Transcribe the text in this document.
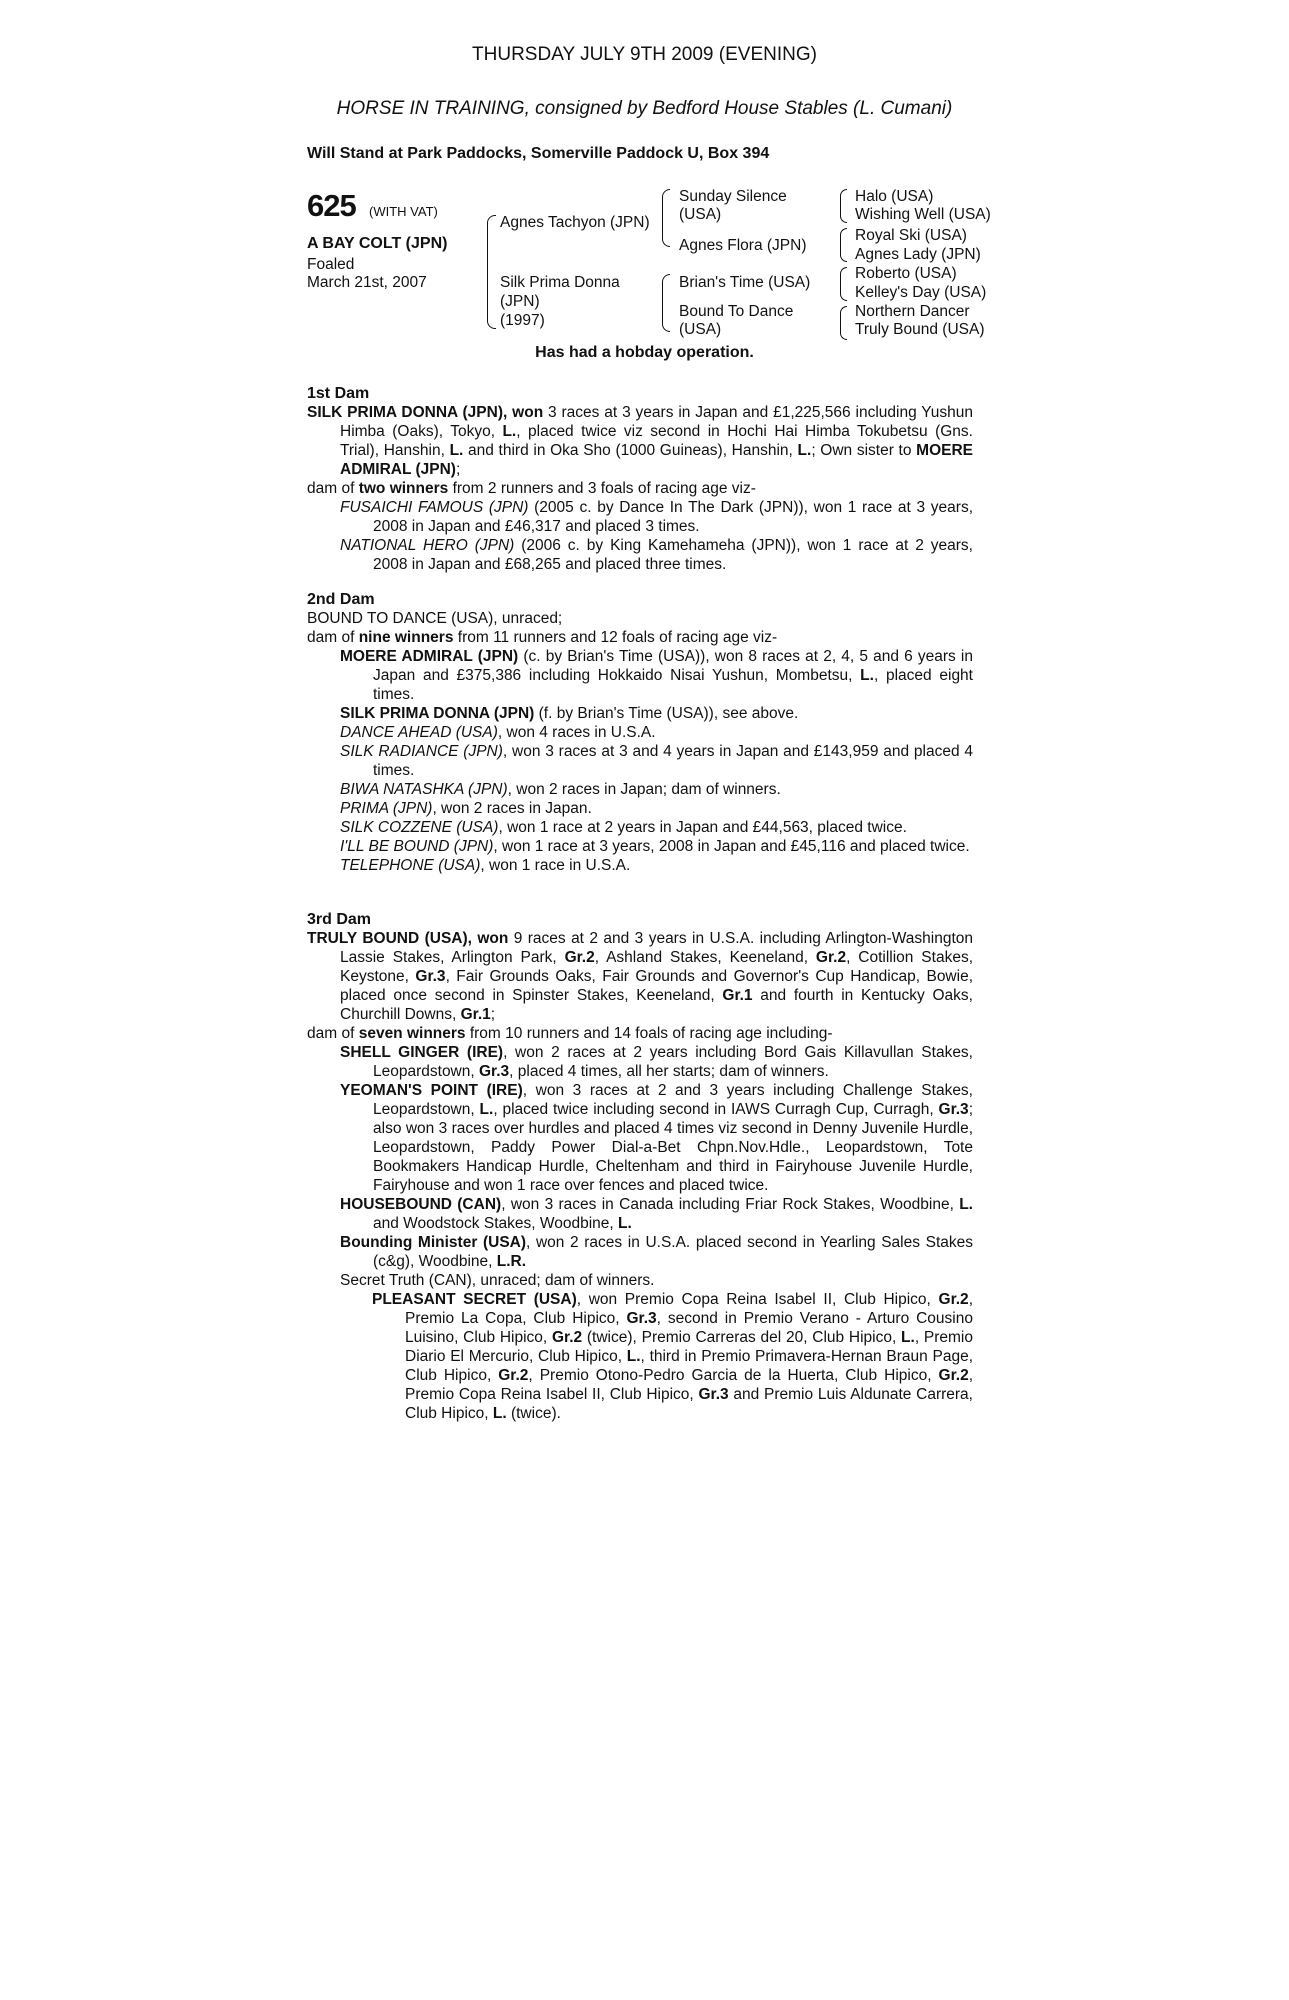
THURSDAY JULY 9TH 2009 (EVENING)
HORSE IN TRAINING, consigned by Bedford House Stables (L. Cumani)
Will Stand at Park Paddocks, Somerville Paddock U, Box 394
625 (WITH VAT)
A BAY COLT (JPN)
Foaled
March 21st, 2007
Agnes Tachyon (JPN)
Silk Prima Donna
(JPN)
(1997)
Sunday Silence
(USA)
Agnes Flora (JPN)
Brian's Time (USA)
Bound To Dance
(USA)
Halo (USA)
Wishing Well (USA)
Royal Ski (USA)
Agnes Lady (JPN)
Roberto (USA)
Kelley's Day (USA)
Northern Dancer
Truly Bound (USA)
Has had a hobday operation.

1st Dam

SILK PRIMA DONNA (JPN), won 3 races at 3 years in Japan and £1,225,566 including Yushun Himba (Oaks), Tokyo, L., placed twice viz second in Hochi Hai Himba Tokubetsu (Gns. Trial), Hanshin, L. and third in Oka Sho (1000 Guineas), Hanshin, L.; Own sister to MOERE ADMIRAL (JPN);

dam of two winners from 2 runners and 3 foals of racing age viz-

FUSAICHI FAMOUS (JPN) (2005 c. by Dance In The Dark (JPN)), won 1 race at 3 years, 2008 in Japan and £46,317 and placed 3 times.

NATIONAL HERO (JPN) (2006 c. by King Kamehameha (JPN)), won 1 race at 2 years, 2008 in Japan and £68,265 and placed three times.

2nd Dam

BOUND TO DANCE (USA), unraced;

dam of nine winners from 11 runners and 12 foals of racing age viz-

MOERE ADMIRAL (JPN) (c. by Brian's Time (USA)), won 8 races at 2, 4, 5 and 6 years in Japan and £375,386 including Hokkaido Nisai Yushun, Mombetsu, L., placed eight times.

SILK PRIMA DONNA (JPN) (f. by Brian's Time (USA)), see above.

DANCE AHEAD (USA), won 4 races in U.S.A.

SILK RADIANCE (JPN), won 3 races at 3 and 4 years in Japan and £143,959 and placed 4 times.

BIWA NATASHKA (JPN), won 2 races in Japan; dam of winners.

PRIMA (JPN), won 2 races in Japan.

SILK COZZENE (USA), won 1 race at 2 years in Japan and £44,563, placed twice.

I'LL BE BOUND (JPN), won 1 race at 3 years, 2008 in Japan and £45,116 and placed twice.

TELEPHONE (USA), won 1 race in U.S.A.

3rd Dam

TRULY BOUND (USA), won 9 races at 2 and 3 years in U.S.A. including Arlington-Washington Lassie Stakes, Arlington Park, Gr.2, Ashland Stakes, Keeneland, Gr.2, Cotillion Stakes, Keystone, Gr.3, Fair Grounds Oaks, Fair Grounds and Governor's Cup Handicap, Bowie, placed once second in Spinster Stakes, Keeneland, Gr.1 and fourth in Kentucky Oaks, Churchill Downs, Gr.1;

dam of seven winners from 10 runners and 14 foals of racing age including-

SHELL GINGER (IRE), won 2 races at 2 years including Bord Gais Killavullan Stakes, Leopardstown, Gr.3, placed 4 times, all her starts; dam of winners.

YEOMAN'S POINT (IRE), won 3 races at 2 and 3 years including Challenge Stakes, Leopardstown, L., placed twice including second in IAWS Curragh Cup, Curragh, Gr.3; also won 3 races over hurdles and placed 4 times viz second in Denny Juvenile Hurdle, Leopardstown, Paddy Power Dial-a-Bet Chpn.Nov.Hdle., Leopardstown, Tote Bookmakers Handicap Hurdle, Cheltenham and third in Fairyhouse Juvenile Hurdle, Fairyhouse and won 1 race over fences and placed twice.

HOUSEBOUND (CAN), won 3 races in Canada including Friar Rock Stakes, Woodbine, L. and Woodstock Stakes, Woodbine, L.

Bounding Minister (USA), won 2 races in U.S.A. placed second in Yearling Sales Stakes (c&g), Woodbine, L.R.

Secret Truth (CAN), unraced; dam of winners.

PLEASANT SECRET (USA), won Premio Copa Reina Isabel II, Club Hipico, Gr.2, Premio La Copa, Club Hipico, Gr.3, second in Premio Verano - Arturo Cousino Luisino, Club Hipico, Gr.2 (twice), Premio Carreras del 20, Club Hipico, L., Premio Diario El Mercurio, Club Hipico, L., third in Premio Primavera-Hernan Braun Page, Club Hipico, Gr.2, Premio Otono-Pedro Garcia de la Huerta, Club Hipico, Gr.2, Premio Copa Reina Isabel II, Club Hipico, Gr.3 and Premio Luis Aldunate Carrera, Club Hipico, L. (twice).
